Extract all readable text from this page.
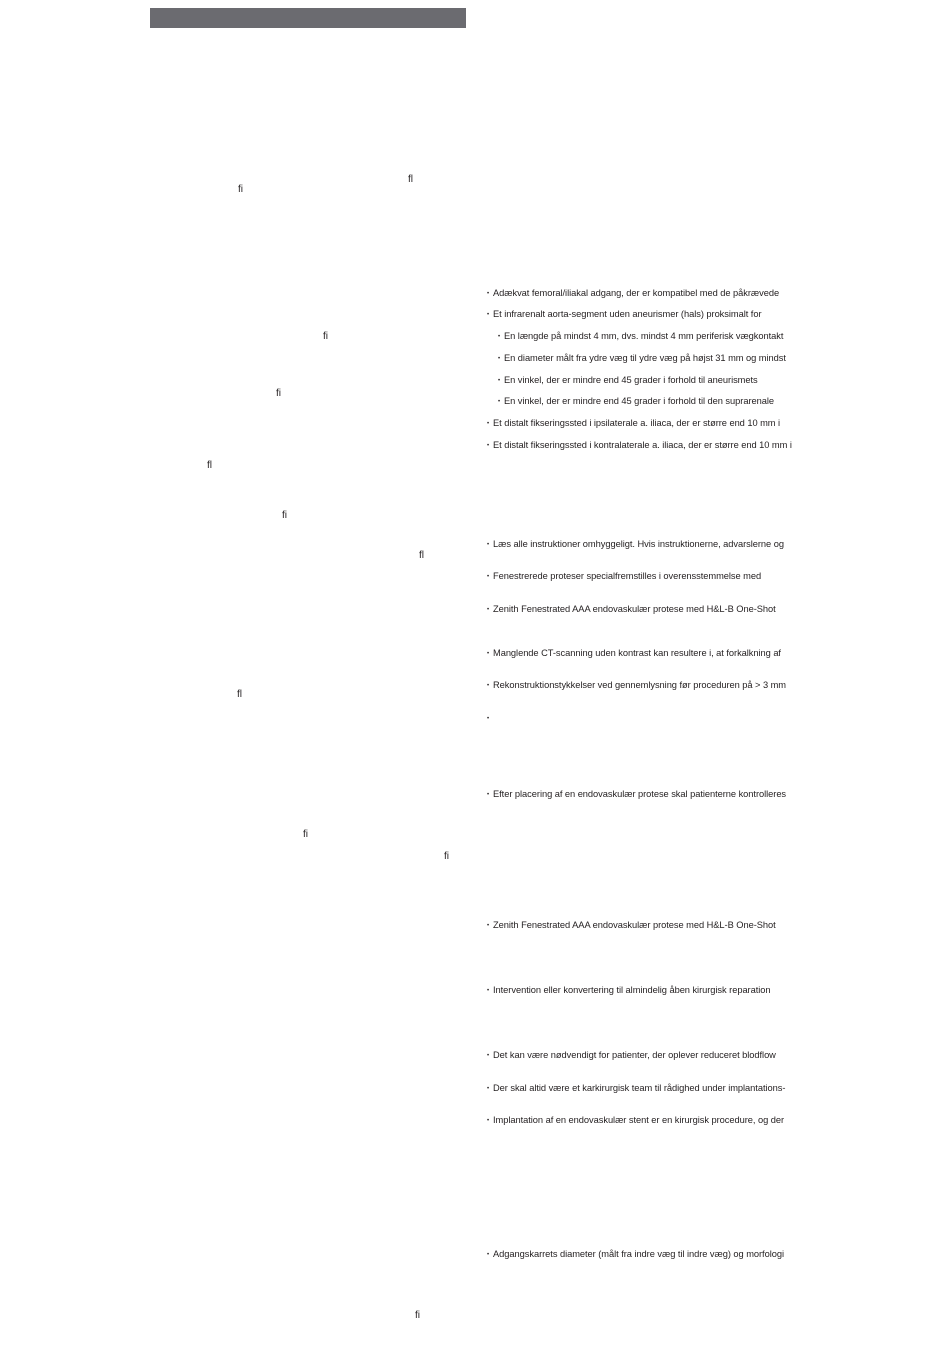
ﬂ
ﬁ
ﬁ
ﬁ
ﬂ
ﬁ
ﬂ
ﬂ
ﬁ
ﬁ
ﬁ
• Adækvat femoral/iliakal adgang, der er kompatibel med de påkrævede
• Et infrarenalt aorta-segment uden aneurismer (hals) proksimalt for
• En længde på mindst 4 mm, dvs. mindst 4 mm periferisk vægkontakt
• En diameter målt fra ydre væg til ydre væg på højst 31 mm og mindst
• En vinkel, der er mindre end 45 grader i forhold til aneurismets
• En vinkel, der er mindre end 45 grader i forhold til den suprarenale
• Et distalt fikseringssted i ipsilaterale a. iliaca, der er større end 10 mm i
• Et distalt fikseringssted i kontralaterale a. iliaca, der er større end 10 mm i
• Læs alle instruktioner omhyggeligt. Hvis instruktionerne, advarslerne og
• Fenestrerede proteser specialfremstilles i overensstemmelse med
• Zenith Fenestrated AAA endovaskulær protese med H&L-B One-Shot
• Manglende CT-scanning uden kontrast kan resultere i, at forkalkning af
• Rekonstruktionstykkelser ved gennemlysning før proceduren på > 3 mm
•
• Efter placering af en endovaskulær protese skal patienterne kontrolleres
• Zenith Fenestrated AAA endovaskulær protese med H&L-B One-Shot
• Intervention eller konvertering til almindelig åben kirurgisk reparation
• Det kan være nødvendigt for patienter, der oplever reduceret blodflow
• Der skal altid være et karkirurgisk team til rådighed under implantations-
• Implantation af en endovaskulær stent er en kirurgisk procedure, og der
• Adgangskarrets diameter (målt fra indre væg til indre væg) og morfologi
